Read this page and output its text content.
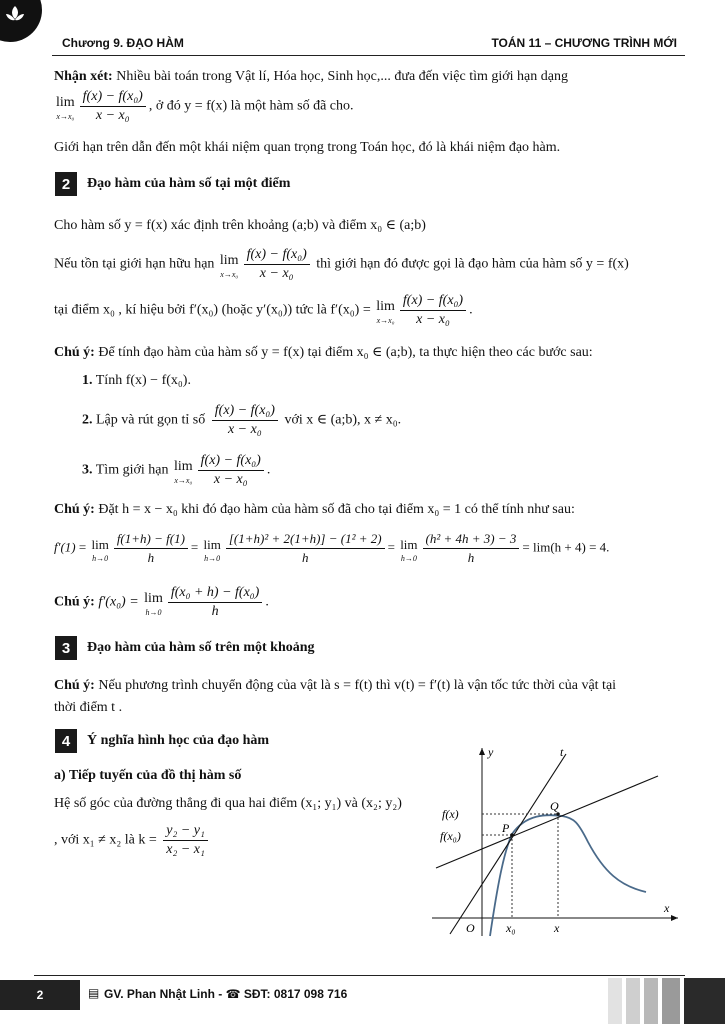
Chương 9. ĐẠO HÀM	TOÁN 11 – CHƯƠNG TRÌNH MỚI
Nhận xét: Nhiều bài toán trong Vật lí, Hóa học, Sinh học,... đưa đến việc tìm giới hạn dạng
lim
$x\to x_0 \frac{\text{f(x) − f(x₀)}}{\text{x − x₀}}$ , ở đó y = f(x) là một hàm số đã cho.
Giới hạn trên dẫn đến một khái niệm quan trọng trong Toán học, đó là khái niệm đạo hàm.
2	Đạo hàm của hàm số tại một điểm
Cho hàm số y = f(x) xác định trên khoảng (a;b) và điểm x₀ ∈ (a;b)
Nếu tồn tại giới hạn hữu hạn lim
$x\to x_0 \frac{\text{f(x) − f(x₀)}}{\text{x − x₀}}$ thì giới hạn đó được gọi là đạo hàm của hàm số y = f(x)
tại điểm x₀ , kí hiệu bởi f′(x₀) (hoặc y′(x₀)) tức là f′(x₀) = lim
$x\to x_0 \frac{\text{f(x) − f(x₀)}}{\text{x − x₀}}$ .
Chú ý: Để tính đạo hàm của hàm số y = f(x) tại điểm x₀ ∈ (a;b), ta thực hiện theo các bước sau:
1. Tính f(x) − f(x₀).
2. Lập và rút gọn tỉ số $\frac{\text{f(x) − f(x₀)}}{\text{x − x₀}}$ với x ∈ (a;b), x ≠ x₀.
3. Tìm giới hạn lim
$x\to x_0 \frac{\text{f(x) − f(x₀)}}{\text{x − x₀}}$ .
Chú ý: Đặt h = x − x₀ khi đó đạo hàm của hàm số đã cho tại điểm x₀ = 1 có thể tính như sau:
f′(1) = lim
$h\to 0 \frac{f(1+h) - f(1)}{h} = \lim$
$h\to 0 \frac{\text{[(1+h)² + 2(1+h)] − (1² + 2)}}{h} = \lim$
$h\to 0 \frac{\text{(h² + 4h + 3) − 3}}{h} = \lim(h + 4) = 4$.
Chú ý: f′(x₀) = lim
$h\to 0 \frac{\text{f(x₀ + h) − f(x₀)}}{h}$ .
3	Đạo hàm của hàm số trên một khoảng
Chú ý: Nếu phương trình chuyển động của vật là s = f(t) thì v(t) = f′(t) là vận tốc tức thời của vật tại
thời điểm t .
4	Ý nghĩa hình học của đạo hàm
a) Tiếp tuyến của đồ thị hàm số
Hệ số góc của đường thẳng đi qua hai điểm (x₁; y₁) và (x₂; y₂)
, với x₁ ≠ x₂ là $k = \frac{\text{y₂ − y₁}}{\text{x₂ − x₁}}$
y
x
t
O
P
Q
f(x)
f(x₀)
x₀	x
2	▤ GV. Phan Nhật Linh - ☎ SĐT: 0817 098 716
